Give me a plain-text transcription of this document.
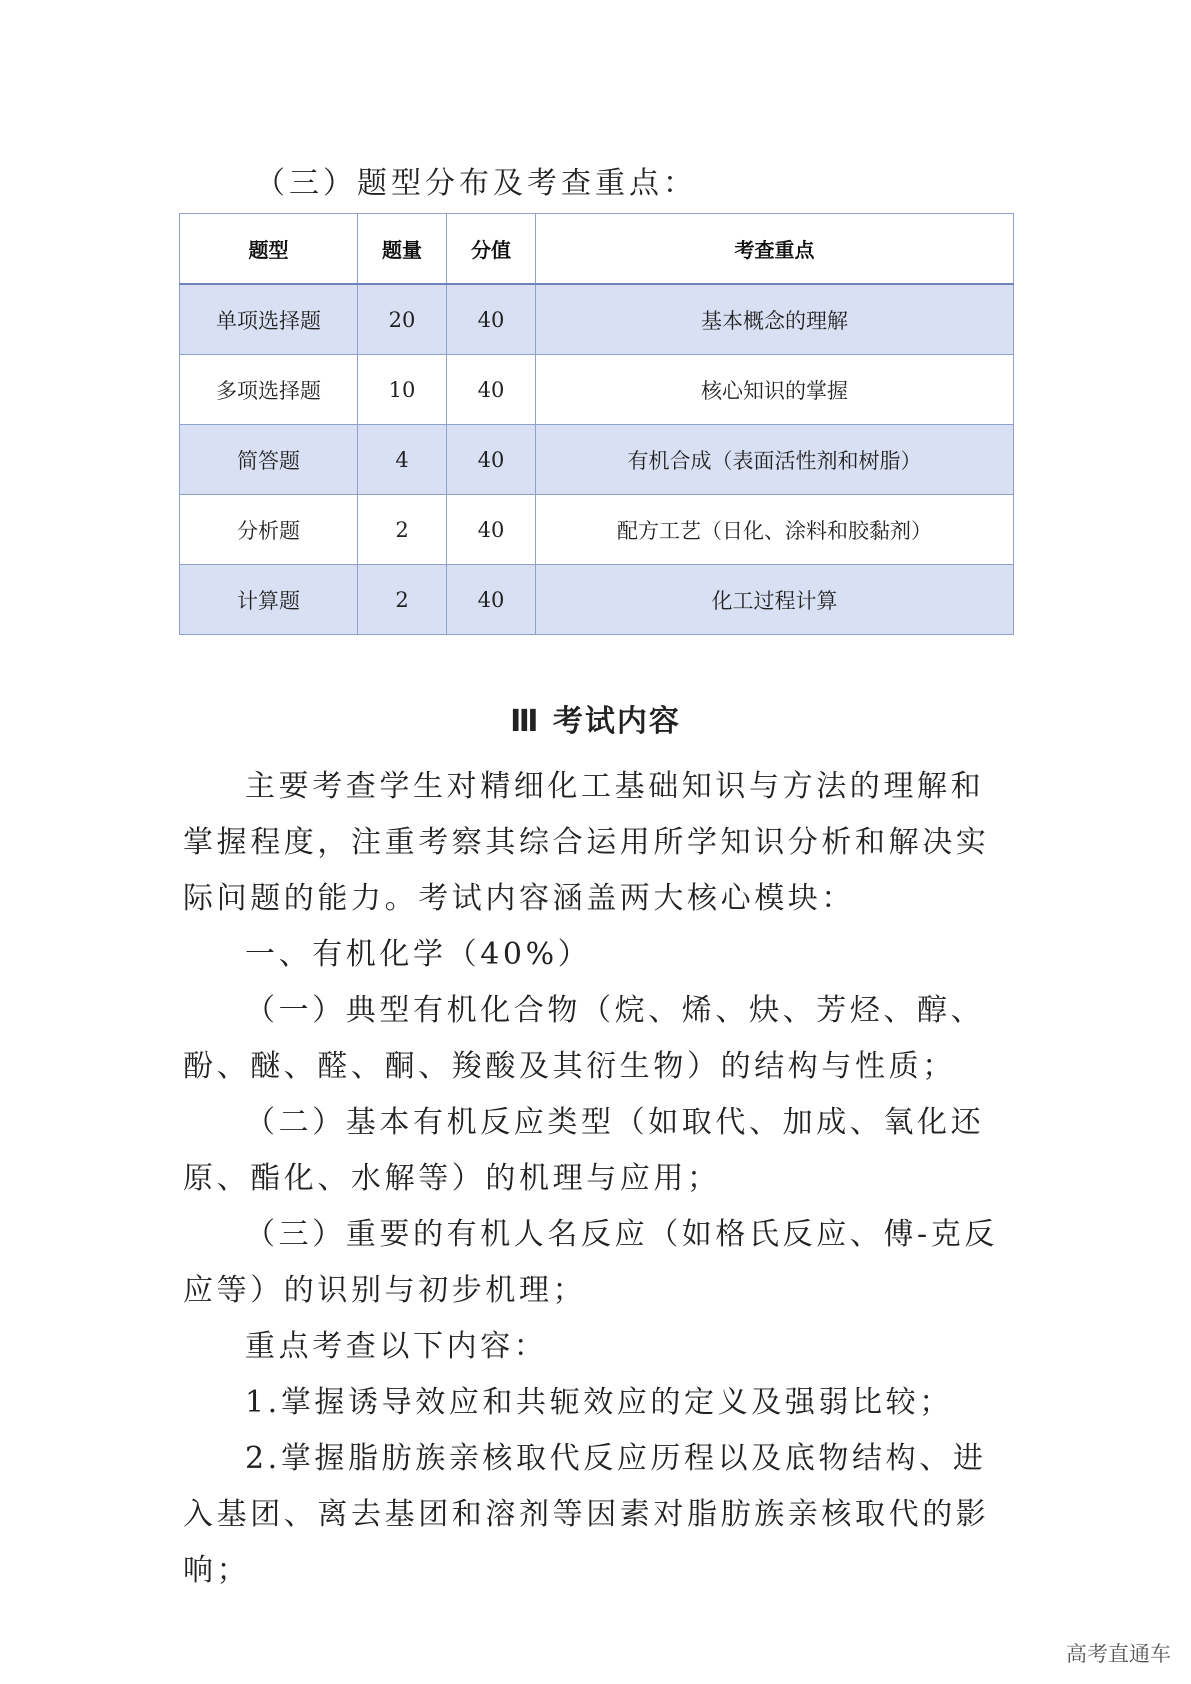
（三）题型分布及考查重点：
题型	题量	分值	考查重点
单项选择题	20	40	基本概念的理解
多项选择题	10	40	核心知识的掌握
简答题	4	40	有机合成（表面活性剂和树脂）
分析题	2	40	配方工艺（日化、涂料和胶黏剂）
计算题	2	40	化工过程计算
Ⅲ 考试内容

主要考查学生对精细化工基础知识与方法的理解和掌握程度，注重考察其综合运用所学知识分析和解决实际问题的能力。考试内容涵盖两大核心模块：

一、有机化学（40%）

（一）典型有机化合物（烷、烯、炔、芳烃、醇、酚、醚、醛、酮、羧酸及其衍生物）的结构与性质；

（二）基本有机反应类型（如取代、加成、氧化还原、酯化、水解等）的机理与应用；

（三）重要的有机人名反应（如格氏反应、傅-克反应等）的识别与初步机理；

重点考查以下内容：

1.掌握诱导效应和共轭效应的定义及强弱比较；

2.掌握脂肪族亲核取代反应历程以及底物结构、进入基团、离去基团和溶剂等因素对脂肪族亲核取代的影响；

高考直通车
